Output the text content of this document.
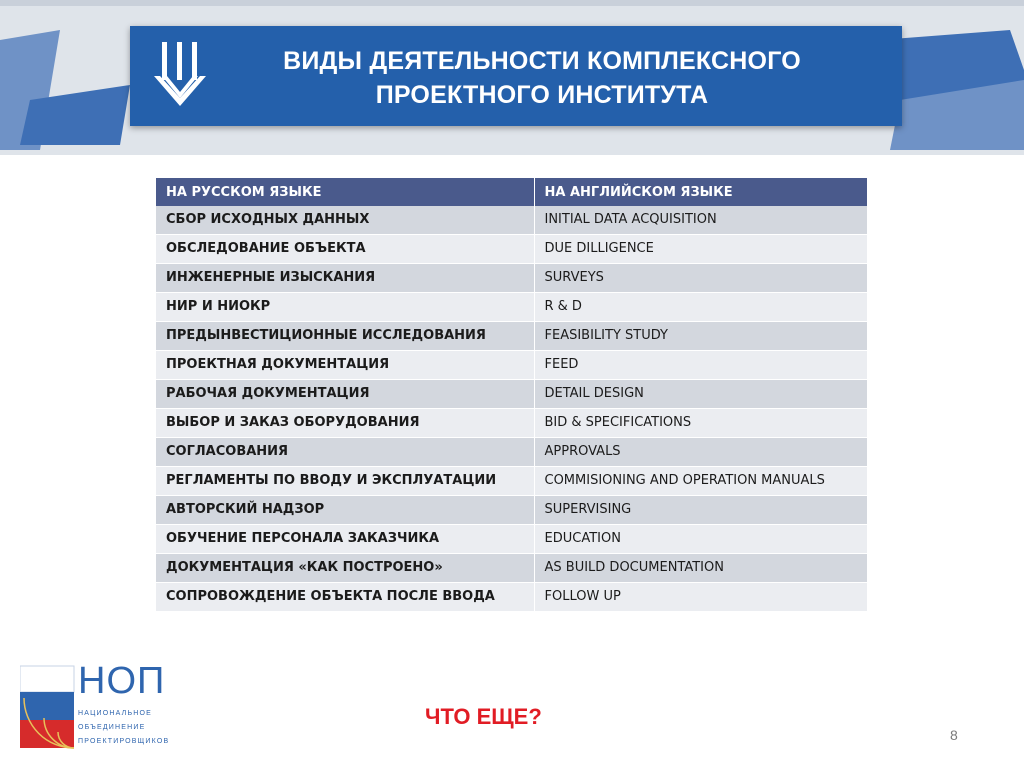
ВИДЫ ДЕЯТЕЛЬНОСТИ КОМПЛЕКСНОГО
ПРОЕКТНОГО ИНСТИТУТА
НА РУССКОМ ЯЗЫКЕ	НА АНГЛИЙСКОМ ЯЗЫКЕ
СБОР ИСХОДНЫХ ДАННЫХ	INITIAL DATA ACQUISITION
ОБСЛЕДОВАНИЕ ОБЪЕКТА	DUE DILLIGENCE
ИНЖЕНЕРНЫЕ ИЗЫСКАНИЯ	SURVEYS
НИР И НИОКР	R & D
ПРЕДЫНВЕСТИЦИОННЫЕ ИССЛЕДОВАНИЯ	FEASIBILITY STUDY
ПРОЕКТНАЯ ДОКУМЕНТАЦИЯ	FEED
РАБОЧАЯ ДОКУМЕНТАЦИЯ	DETAIL DESIGN
ВЫБОР И ЗАКАЗ ОБОРУДОВАНИЯ	BID & SPECIFICATIONS
СОГЛАСОВАНИЯ	APPROVALS
РЕГЛАМЕНТЫ ПО ВВОДУ И ЭКСПЛУАТАЦИИ	COMMISIONING AND OPERATION MANUALS
АВТОРСКИЙ НАДЗОР	SUPERVISING
ОБУЧЕНИЕ ПЕРСОНАЛА ЗАКАЗЧИКА	EDUCATION
ДОКУМЕНТАЦИЯ «КАК ПОСТРОЕНО»	AS BUILD DOCUMENTATION
СОПРОВОЖДЕНИЕ ОБЪЕКТА ПОСЛЕ ВВОДА	FOLLOW UP
НОП
НАЦИОНАЛЬНОЕ
ОБЪЕДИНЕНИЕ
ПРОЕКТИРОВЩИКОВ
ЧТО ЕЩЕ?
8
